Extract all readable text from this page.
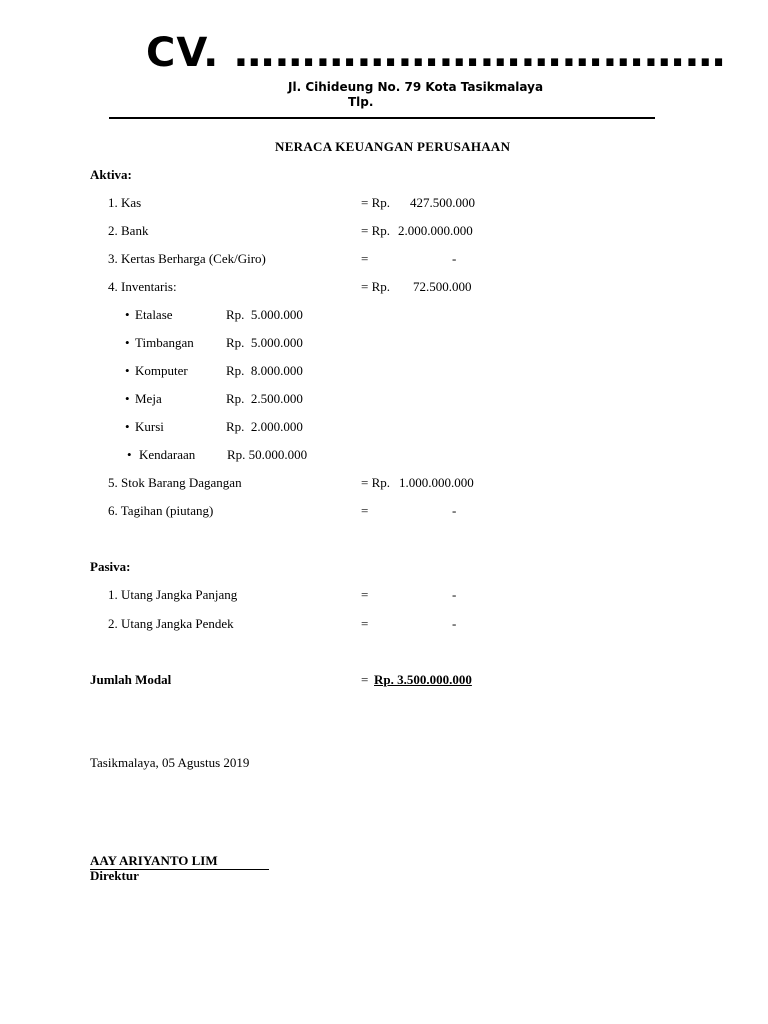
CV. ………………………………
Jl. Cihideung No. 79 Kota Tasikmalaya
Tlp.
NERACA KEUANGAN PERUSAHAAN
Aktiva:
1. Kas	= Rp. 427.500.000
2. Bank	= Rp. 2.000.000.000
3. Kertas Berharga (Cek/Giro)	=	-
4. Inventaris:	= Rp. 72.500.000
• Etalase	Rp.  5.000.000
• Timbangan Rp.  5.000.000
• Komputer	Rp.  8.000.000
• Meja	Rp.  2.500.000
• Kursi	Rp.  2.000.000
• Kendaraan Rp. 50.000.000
5. Stok Barang Dagangan	= Rp. 1.000.000.000
6. Tagihan (piutang)	=	-
Pasiva:
1. Utang Jangka Panjang	=	-
2. Utang Jangka Pendek	=	-
Jumlah Modal	= Rp. 3.500.000.000
Tasikmalaya, 05 Agustus 2019
AAY ARIYANTO LIM
Direktur
